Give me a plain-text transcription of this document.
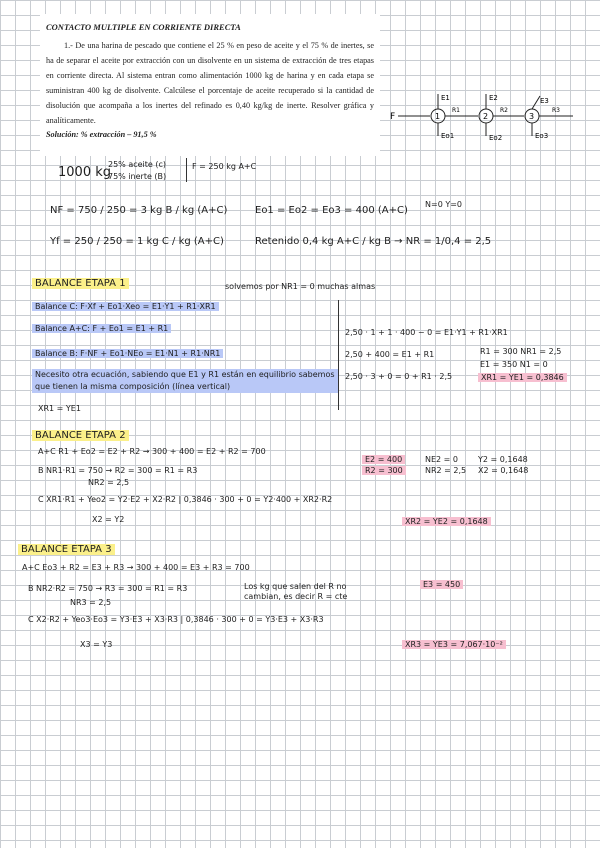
CONTACTO MULTIPLE EN CORRIENTE DIRECTA

1.- De una harina de pescado que contiene el 25 % en peso de aceite y el 75 % de inertes, se ha de separar el aceite por extracción con un disolvente en un sistema de extracción de tres etapas en corriente directa. Al sistema entran como alimentación 1000 kg de harina y en cada etapa se suministran 400 kg de disolvente. Calcúlese el porcentaje de aceite recuperado si la cantidad de disolución que acompaña a los inertes del refinado es 0,40 kg/kg de inerte. Resolver gráfica y analíticamente.

Solución: % extracción – 91,5 %
F	1	2	3
E1	E2	E3
Eo1	Eo2	Eo3
R1	R2	R3
1000 kg
25% aceite (c)
75% inerte (B)
F = 250 kg A+C
NF = 750 / 250 = 3 kg B / kg (A+C)
Yf = 250 / 250 = 1 kg C / kg (A+C)
Eo1 = Eo2 = Eo3 = 400 (A+C)
N=0 Y=0
Retenido 0,4 kg A+C / kg B → NR = 1/0,4 = 2,5
BALANCE ETAPA 1	solvemos por NR1 = 0 muchas almas
Balance C: F·Xf + Eo1·Xeo = E1·Y1 + R1·XR1
Balance A+C: F + Eo1 = E1 + R1
Balance B: F·NF + Eo1·NEo = E1·N1 + R1·NR1
2,50 · 1 + 1 · 400 − 0 = E1·Y1 + R1·XR1
2,50 + 400 = E1 + R1
2,50 · 3 + 0 = 0 + R1 · 2,5
R1 = 300 NR1 = 2,5
E1 = 350 N1 = 0
XR1 = YE1 = 0,3846
Necesito otra ecuación, sabiendo que E1 y R1 están en equilibrio sabemos que tienen la misma composición (línea vertical)
XR1 = YE1
BALANCE ETAPA 2
A+C R1 + Eo2 = E2 + R2 → 300 + 400 = E2 + R2 = 700
B NR1·R1 = 750 → R2 = 300 = R1 = R3
NR2 = 2,5
C XR1·R1 + Yeo2 = Y2·E2 + X2·R2 | 0,3846 · 300 + 0 = Y2·400 + XR2·R2
X2 = Y2	XR2 = YE2 = 0,1648
E2 = 400
R2 = 300
NE2 = 0
NR2 = 2,5
Y2 = 0,1648
X2 = 0,1648
BALANCE ETAPA 3
A+C Eo3 + R2 = E3 + R3 → 300 + 400 = E3 + R3 = 700
B NR2·R2 = 750 → R3 = 300 = R1 = R3
NR3 = 2,5
Los kg que salen del R no cambian, es decir R = cte
E3 = 450
C X2·R2 + Yeo3·Eo3 = Y3·E3 + X3·R3 | 0,3846 · 300 + 0 = Y3·E3 + X3·R3
X3 = Y3	XR3 = YE3 = 7,067·10⁻²
